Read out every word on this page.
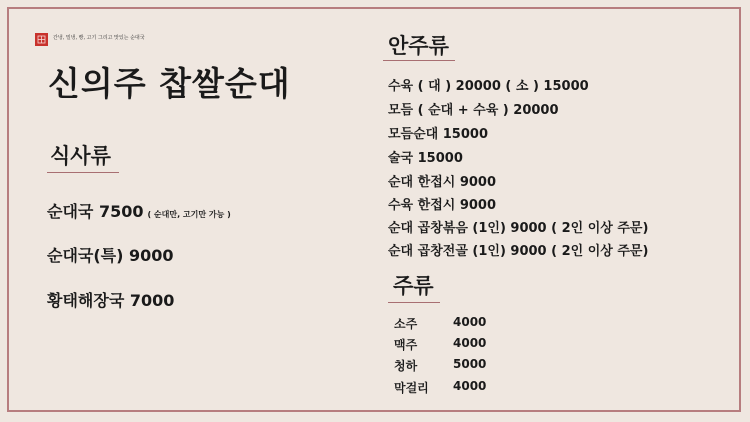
간냉, 밀냉, 빵, 고기 그리고 맛있는 순대국
신의주 찹쌀순대
식사류
순대국 7500 ( 순대만, 고기만 가능 )
순대국(특) 9000
황태해장국 7000
안주류
수육 ( 대 ) 20000 ( 소 ) 15000
모듬 ( 순대 + 수육 ) 20000
모듬순대 15000
술국 15000
순대 한접시 9000
수육 한접시 9000
순대 곱창볶음 (1인) 9000 ( 2인 이상 주문)
순대 곱창전골 (1인) 9000 ( 2인 이상 주문)
주류
소주	4000
맥주	4000
청하	5000
막걸리 4000
